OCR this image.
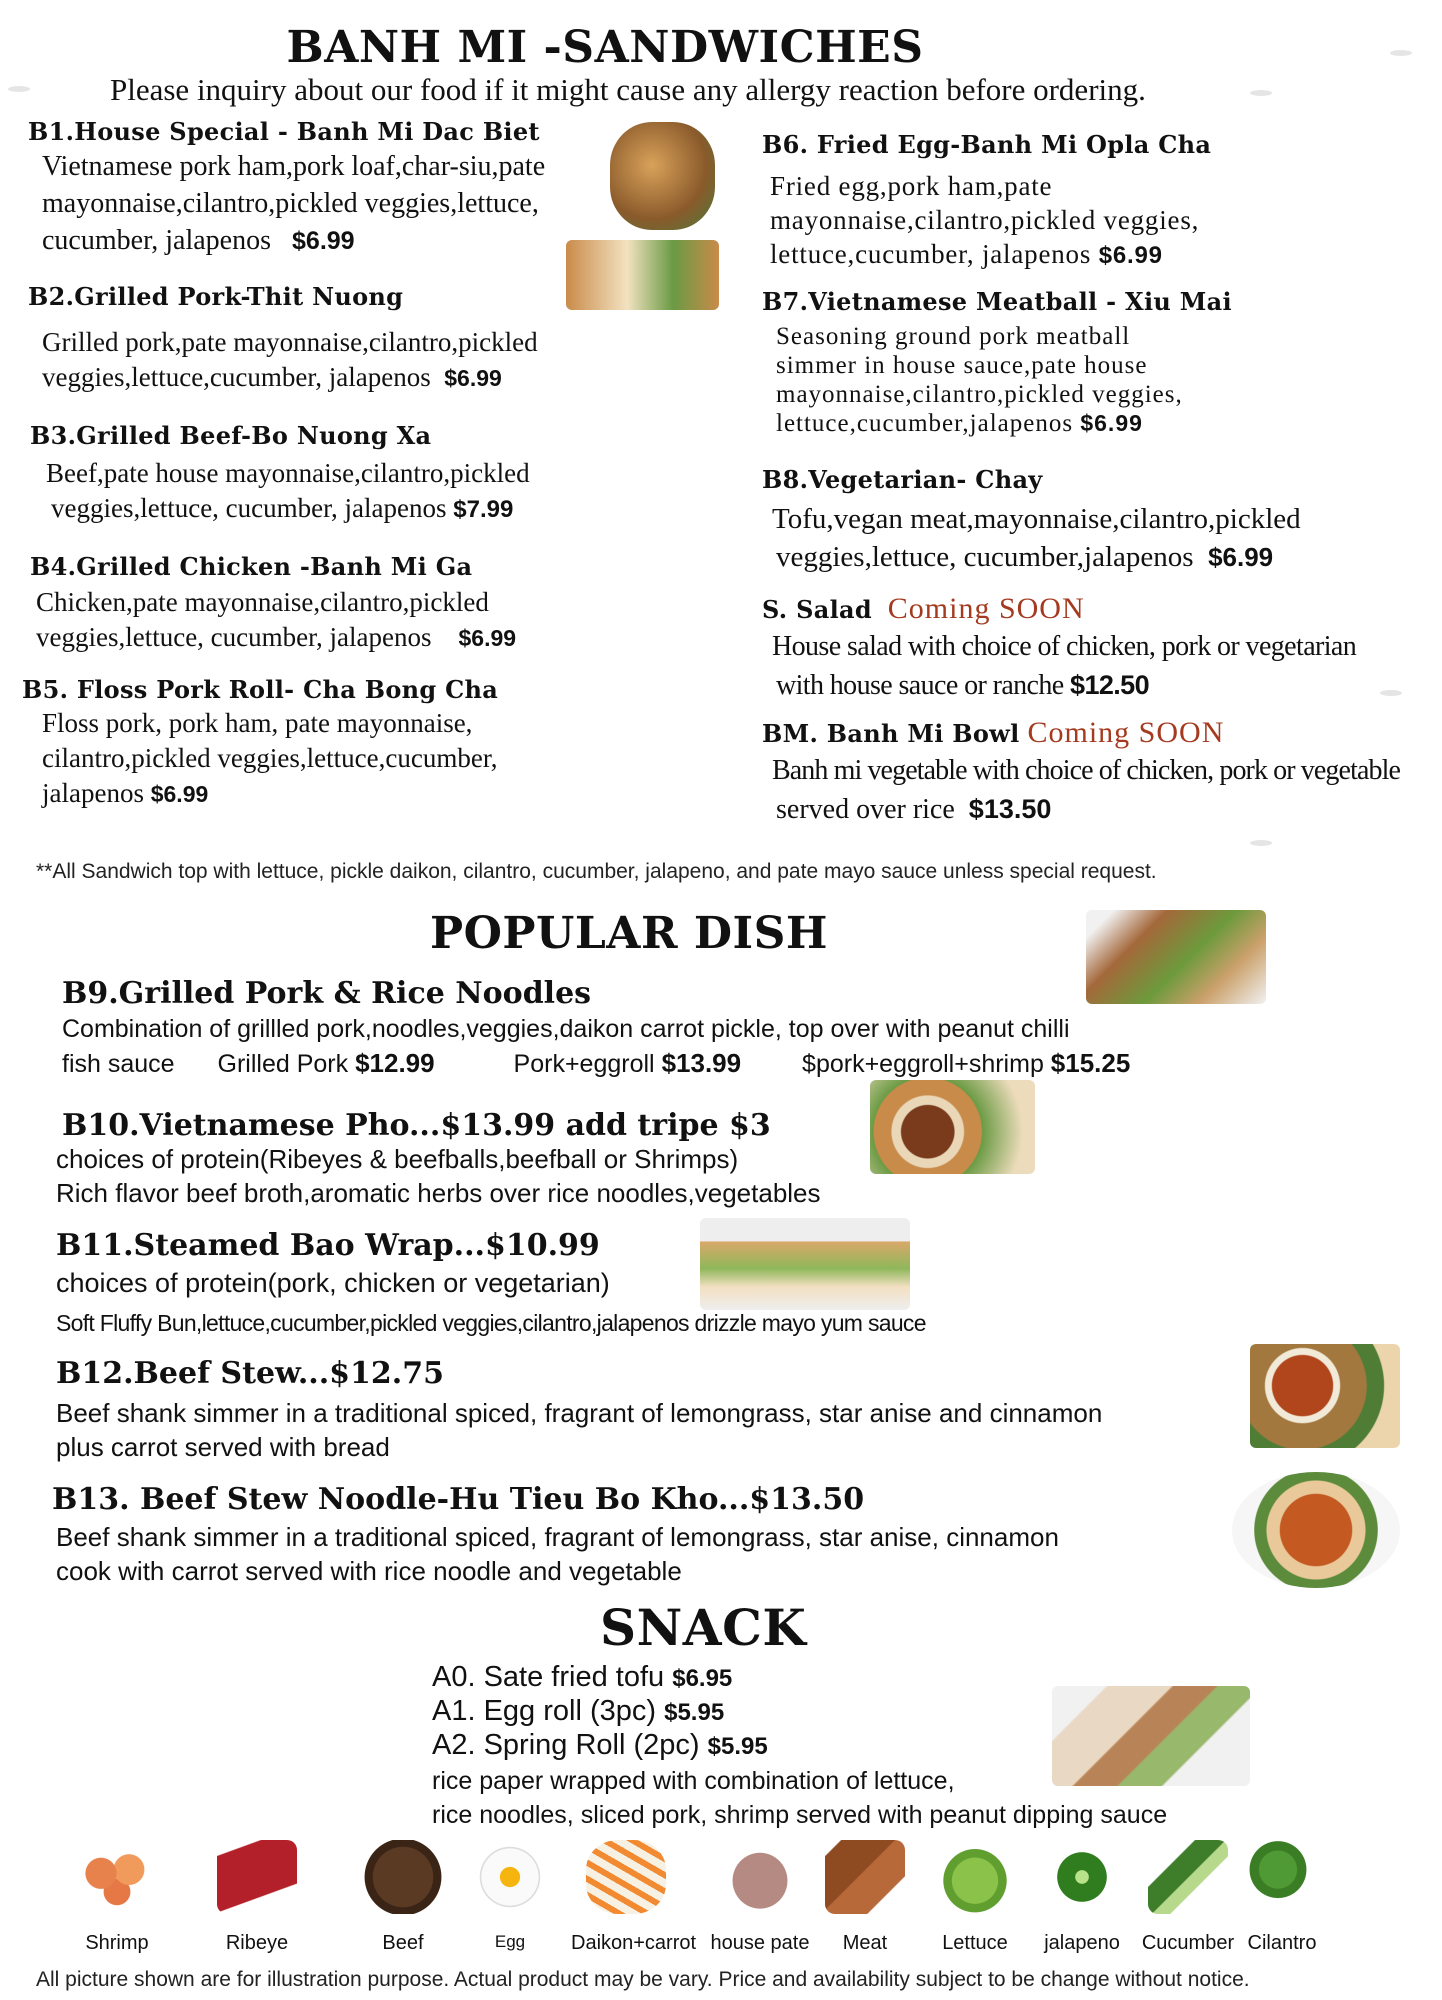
BANH MI -SANDWICHES
Please inquiry about our food if it might cause any allergy reaction before ordering.
B1.House Special - Banh Mi Dac Biet

Vietnamese pork ham,pork loaf,char-siu,pate

mayonnaise,cilantro,pickled veggies,lettuce,

cucumber, jalapenos $6.99

B2.Grilled Pork-Thit Nuong

Grilled pork,pate mayonnaise,cilantro,pickled

veggies,lettuce,cucumber, jalapenos $6.99

B3.Grilled Beef-Bo Nuong Xa

Beef,pate house mayonnaise,cilantro,pickled

veggies,lettuce, cucumber, jalapenos $7.99

B4.Grilled Chicken -Banh Mi Ga

Chicken,pate mayonnaise,cilantro,pickled

veggies,lettuce, cucumber, jalapenos $6.99

B5. Floss Pork Roll- Cha Bong Cha

Floss pork, pork ham, pate mayonnaise,

cilantro,pickled veggies,lettuce,cucumber,

jalapenos $6.99

B6. Fried Egg-Banh Mi Opla Cha

Fried egg,pork ham,pate

mayonnaise,cilantro,pickled veggies,

lettuce,cucumber, jalapenos $6.99

B7.Vietnamese Meatball - Xiu Mai

Seasoning ground pork meatball

simmer in house sauce,pate house

mayonnaise,cilantro,pickled veggies,

lettuce,cucumber,jalapenos $6.99

B8.Vegetarian- Chay

Tofu,vegan meat,mayonnaise,cilantro,pickled

veggies,lettuce, cucumber,jalapenos $6.99

S. Salad Coming SOON

House salad with choice of chicken, pork or vegetarian

with house sauce or ranche $12.50

BM. Banh Mi Bowl Coming SOON

Banh mi vegetable with choice of chicken, pork or vegetable

served over rice $13.50

**All Sandwich top with lettuce, pickle daikon, cilantro, cucumber, jalapeno, and pate mayo sauce unless special request.
POPULAR DISH
B9.Grilled Pork & Rice Noodles
Combination of grillled pork,noodles,veggies,daikon carrot pickle, top over with peanut chilli
fish sauce Grilled Pork $12.99	Pork+eggroll $13.99 $pork+eggroll+shrimp $15.25
B10.Vietnamese Pho...$13.99 add tripe $3
choices of protein(Ribeyes & beefballs,beefball or Shrimps)
Rich flavor beef broth,aromatic herbs over rice noodles,vegetables
B11.Steamed Bao Wrap...$10.99
choices of protein(pork, chicken or vegetarian)
Soft Fluffy Bun,lettuce,cucumber,pickled veggies,cilantro,jalapenos drizzle mayo yum sauce
B12.Beef Stew...$12.75
Beef shank simmer in a traditional spiced, fragrant of lemongrass, star anise and cinnamon
plus carrot served with bread
B13. Beef Stew Noodle-Hu Tieu Bo Kho...$13.50
Beef shank simmer in a traditional spiced, fragrant of lemongrass, star anise, cinnamon
cook with carrot served with rice noodle and vegetable
SNACK
A0. Sate fried tofu $6.95
A1. Egg roll (3pc) $5.95
A2. Spring Roll (2pc) $5.95
rice paper wrapped with combination of lettuce,
rice noodles, sliced pork, shrimp served with peanut dipping sauce
Shrimp	Ribeye	Beef	Egg	Daikon+carrot house pate	Meat	Lettuce	jalapeno	Cucumber Cilantro
All picture shown are for illustration purpose. Actual product may be vary. Price and availability subject to be change without notice.
